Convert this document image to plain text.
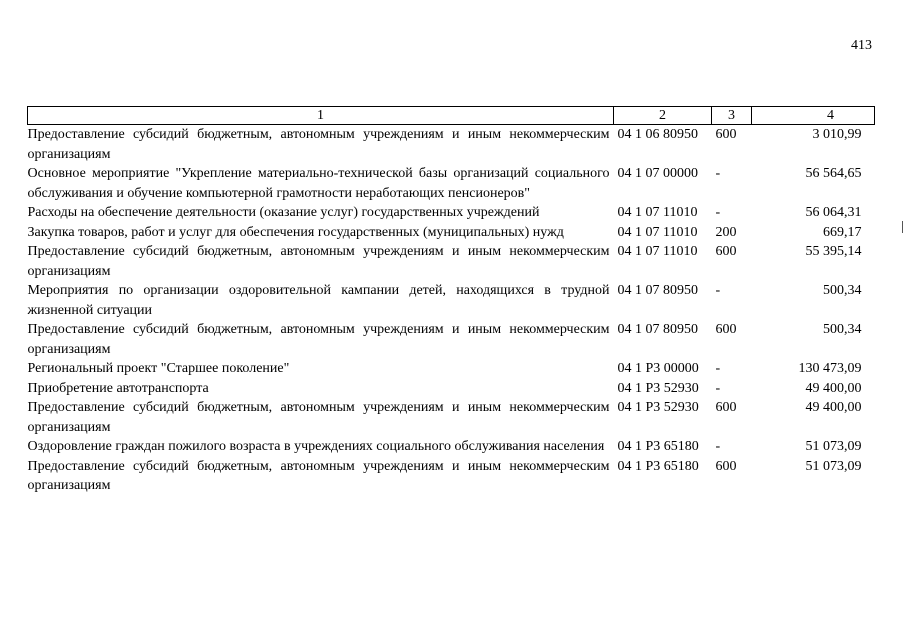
413
1	2	3	4
Предоставление субсидий бюджетным, автономным учреждениям и иным некоммерческим организациям	04 1 06 80950	600	3 010,99
Основное мероприятие "Укрепление материально-технической базы организаций социального обслуживания и обучение компьютерной грамотности неработающих пенсионеров"	04 1 07 00000	-	56 564,65
Расходы на обеспечение деятельности (оказание услуг) государственных учреждений	04 1 07 11010	-	56 064,31
Закупка товаров, работ и услуг для обеспечения государственных (муниципальных) нужд	04 1 07 11010	200	669,17
Предоставление субсидий бюджетным, автономным учреждениям и иным некоммерческим организациям	04 1 07 11010	600	55 395,14
Мероприятия по организации оздоровительной кампании детей, находящихся в трудной жизненной ситуации	04 1 07 80950	-	500,34
Предоставление субсидий бюджетным, автономным учреждениям и иным некоммерческим организациям	04 1 07 80950	600	500,34
Региональный проект "Старшее поколение"	04 1 P3 00000	-	130 473,09
Приобретение автотранспорта	04 1 P3 52930	-	49 400,00
Предоставление субсидий бюджетным, автономным учреждениям и иным некоммерческим организациям	04 1 P3 52930	600	49 400,00
Оздоровление граждан пожилого возраста в учреждениях социального обслуживания населения	04 1 P3 65180	-	51 073,09
Предоставление субсидий бюджетным, автономным учреждениям и иным некоммерческим организациям	04 1 P3 65180	600	51 073,09
